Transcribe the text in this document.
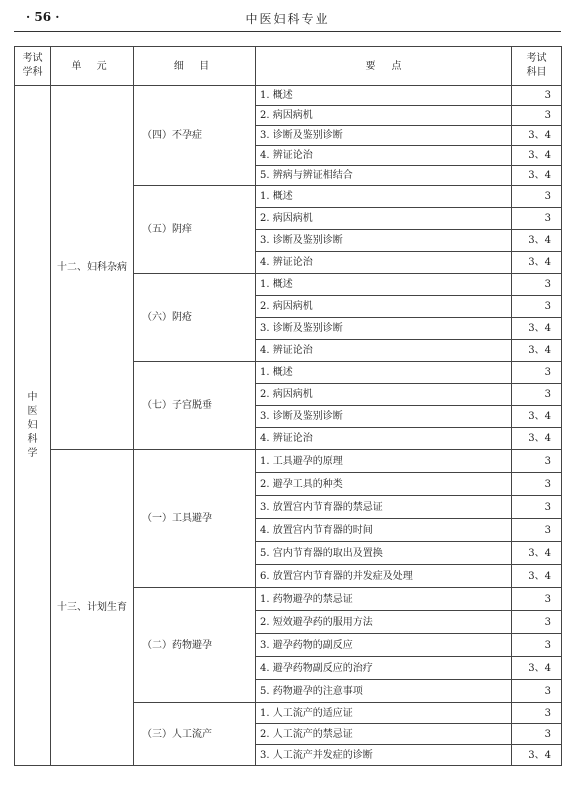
· 56 ·	中医妇科专业
考试学科	单 元	细 目	要     点	考试科目
中医妇科学	十二、妇科杂病	（四）不孕症	1. 概述	3
			2. 病因病机	3
			3. 诊断及鉴别诊断	3、4
			4. 辨证论治	3、4
			5. 辨病与辨证相结合	3、4
		（五）阴痒	1. 概述	3
			2. 病因病机	3
			3. 诊断及鉴别诊断	3、4
			4. 辨证论治	3、4
		（六）阴疮	1. 概述	3
			2. 病因病机	3
			3. 诊断及鉴别诊断	3、4
			4. 辨证论治	3、4
		（七）子宫脱垂	1. 概述	3
			2. 病因病机	3
			3. 诊断及鉴别诊断	3、4
			4. 辨证论治	3、4
	十三、计划生育	（一）工具避孕	1. 工具避孕的原理	3
			2. 避孕工具的种类	3
			3. 放置宫内节育器的禁忌证	3
			4. 放置宫内节育器的时间	3
			5. 宫内节育器的取出及置换	3、4
			6. 放置宫内节育器的并发症及处理	3、4
		（二）药物避孕	1. 药物避孕的禁忌证	3
			2. 短效避孕药的服用方法	3
			3. 避孕药物的副反应	3
			4. 避孕药物副反应的治疗	3、4
			5. 药物避孕的注意事项	3
		（三）人工流产	1. 人工流产的适应证	3
			2. 人工流产的禁忌证	3
			3. 人工流产并发症的诊断	3、4
